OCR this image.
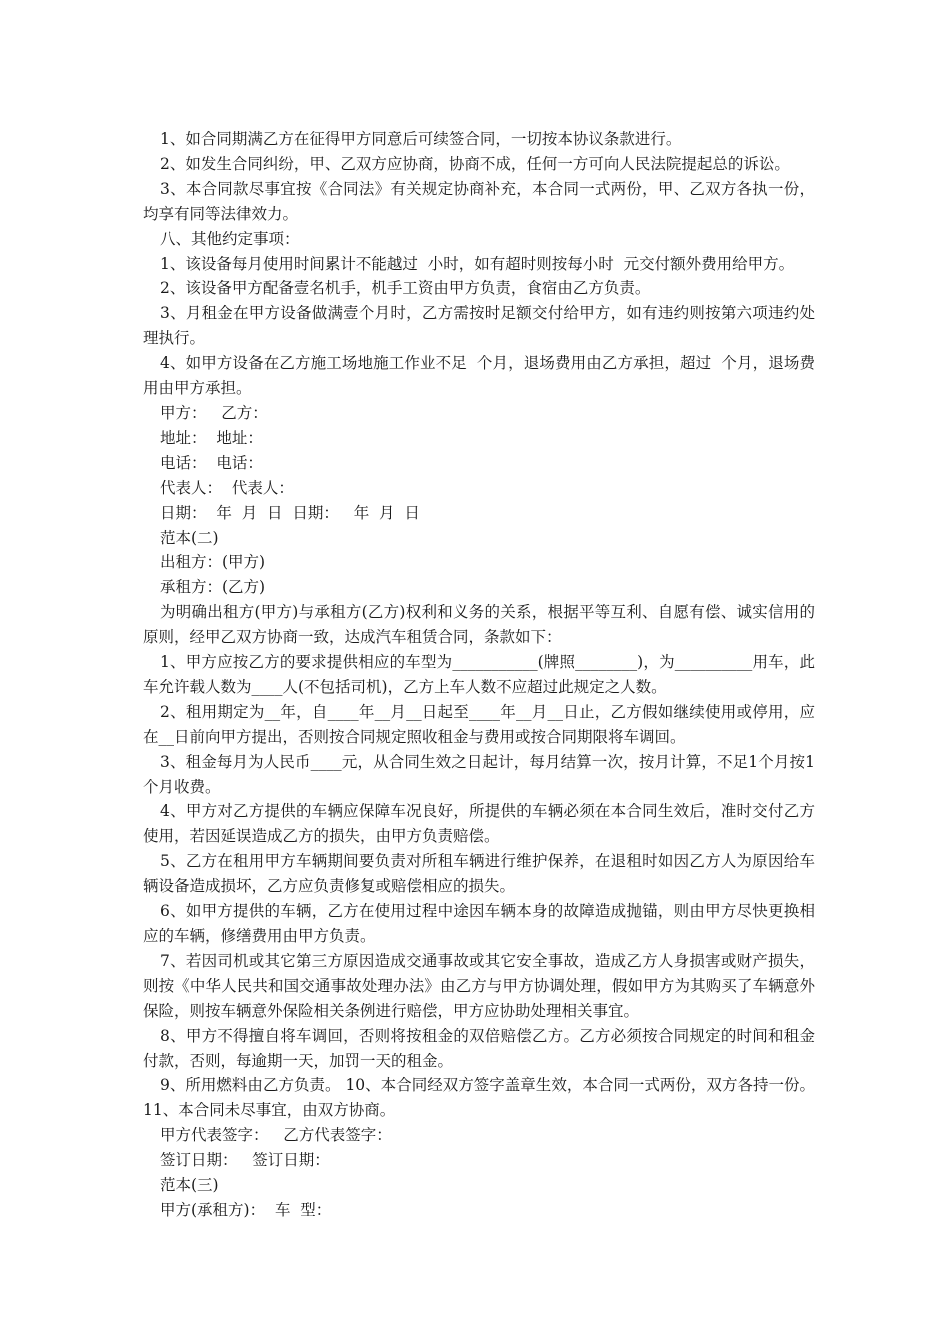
1、如合同期满乙方在征得甲方同意后可续签合同，一切按本协议条款进行。

2、如发生合同纠纷，甲、乙双方应协商，协商不成，任何一方可向人民法院提起总的诉讼。

3、本合同款尽事宜按《合同法》有关规定协商补充，本合同一式两份，甲、乙双方各执一份，均享有同等法律效力。

八、其他约定事项：

1、该设备每月使用时间累计不能越过  小时，如有超时则按每小时  元交付额外费用给甲方。

2、该设备甲方配备壹名机手，机手工资由甲方负责，食宿由乙方负责。

3、月租金在甲方设备做满壹个月时，乙方需按时足额交付给甲方，如有违约则按第六项违约处理执行。

4、如甲方设备在乙方施工场地施工作业不足  个月，退场费用由乙方承担，超过  个月，退场费用由甲方承担。

甲方：   乙方：

地址：  地址：

电话：  电话：

代表人：  代表人：

日期：  年  月  日  日期：   年  月  日

范本(二)

出租方：(甲方)

承租方：(乙方)

为明确出租方(甲方)与承租方(乙方)权利和义务的关系，根据平等互利、自愿有偿、诚实信用的原则，经甲乙双方协商一致，达成汽车租赁合同，条款如下：

1、甲方应按乙方的要求提供相应的车型为___________(牌照________)，为__________用车，此车允许载人数为____人(不包括司机)，乙方上车人数不应超过此规定之人数。

2、租用期定为__年，自____年__月__日起至____年__月__日止，乙方假如继续使用或停用，应在__日前向甲方提出，否则按合同规定照收租金与费用或按合同期限将车调回。

3、租金每月为人民币____元，从合同生效之日起计，每月结算一次，按月计算，不足1个月按1个月收费。

4、甲方对乙方提供的车辆应保障车况良好，所提供的车辆必须在本合同生效后，准时交付乙方使用，若因延误造成乙方的损失，由甲方负责赔偿。

5、乙方在租用甲方车辆期间要负责对所租车辆进行维护保养，在退租时如因乙方人为原因给车辆设备造成损坏，乙方应负责修复或赔偿相应的损失。

6、如甲方提供的车辆，乙方在使用过程中途因车辆本身的故障造成抛锚，则由甲方尽快更换相应的车辆，修缮费用由甲方负责。

7、若因司机或其它第三方原因造成交通事故或其它安全事故，造成乙方人身损害或财产损失，则按《中华人民共和国交通事故处理办法》由乙方与甲方协调处理，假如甲方为其购买了车辆意外保险，则按车辆意外保险相关条例进行赔偿，甲方应协助处理相关事宜。

8、甲方不得擅自将车调回，否则将按租金的双倍赔偿乙方。乙方必须按合同规定的时间和租金付款，否则，每逾期一天，加罚一天的租金。

9、所用燃料由乙方负责。 10、本合同经双方签字盖章生效，本合同一式两份，双方各持一份。 11、本合同未尽事宜，由双方协商。

甲方代表签字：   乙方代表签字：

签订日期：   签订日期：

范本(三)

甲方(承租方)：  车  型：
